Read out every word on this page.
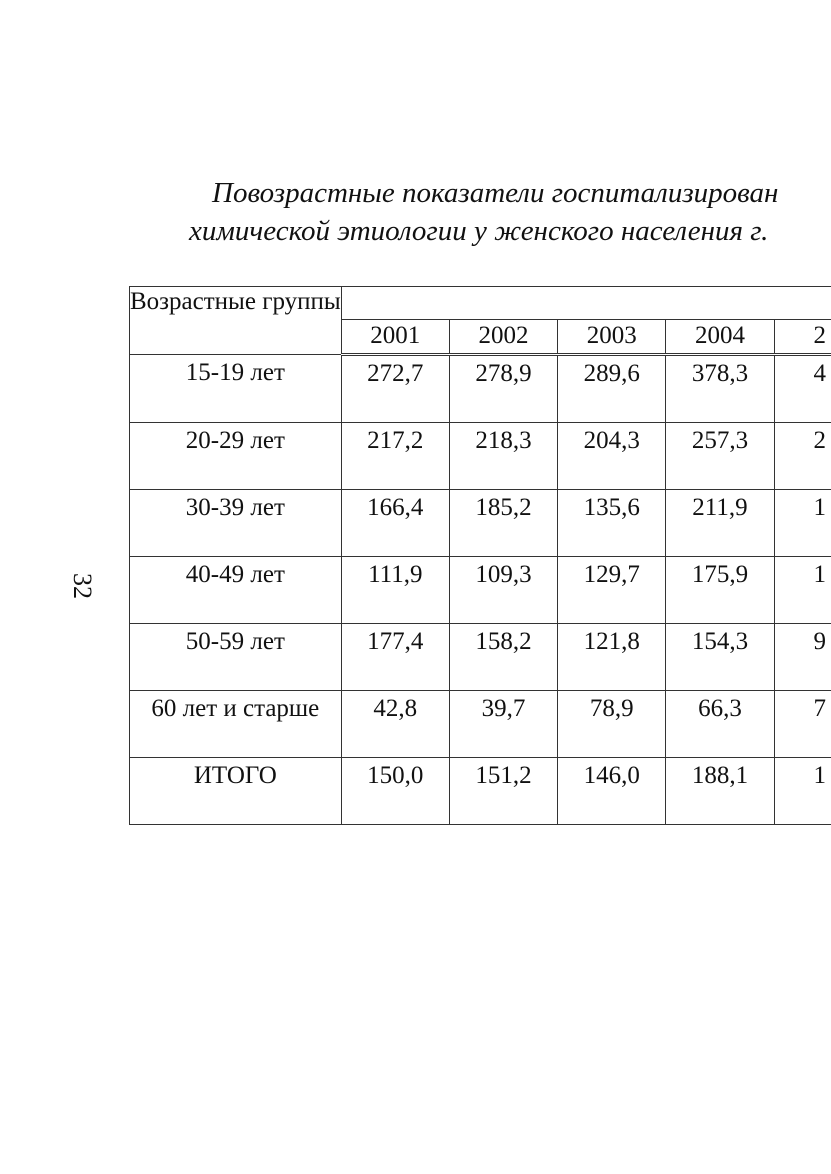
Повозрастные показатели госпитализирован
химической этиологии у женского населения г.
32
Возрастные группы					
	2001	2002	2003	2004	2
15-19 лет	272,7	278,9	289,6	378,3	4
20-29 лет	217,2	218,3	204,3	257,3	2
30-39 лет	166,4	185,2	135,6	211,9	1
40-49 лет	111,9	109,3	129,7	175,9	1
50-59 лет	177,4	158,2	121,8	154,3	9
60 лет и старше	42,8	39,7	78,9	66,3	7
ИТОГО	150,0	151,2	146,0	188,1	1
